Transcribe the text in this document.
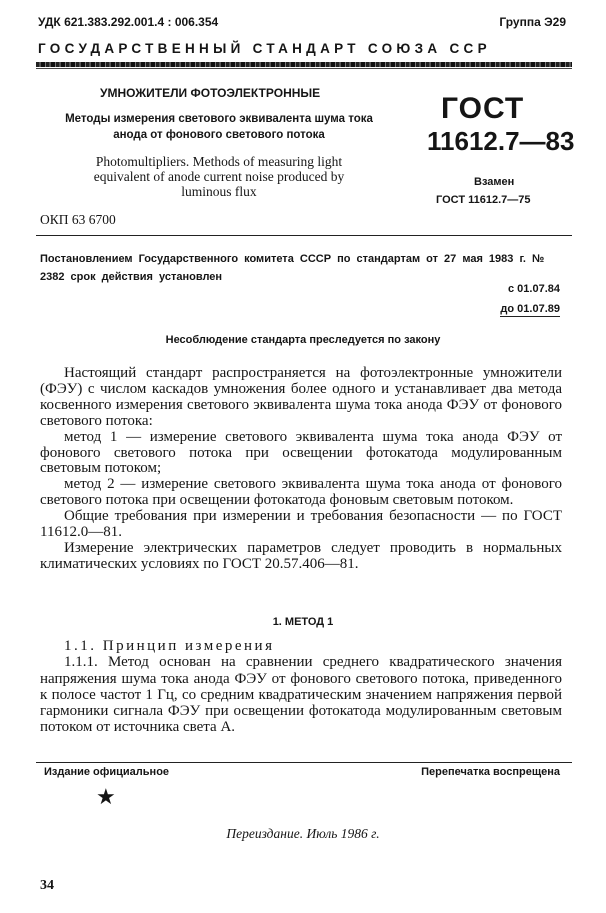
УДК 621.383.292.001.4 : 006.354	Группа Э29
ГОСУДАРСТВЕННЫЙ СТАНДАРТ СОЮЗА ССР
УМНОЖИТЕЛИ ФОТОЭЛЕКТРОННЫЕ
Методы измерения светового эквивалента шума тока
анода от фонового светового потока
Photomultipliers. Methods of measuring light
equivalent of anode current noise produced by
luminous flux
ГОСТ
11612.7—83
Взамен
ГОСТ 11612.7—75
ОКП 63 6700
Постановлением Государственного комитета СССР по стандартам от 27 мая 1983 г. № 2382 срок действия установлен
с 01.07.84
до 01.07.89
Несоблюдение стандарта преследуется по закону

Настоящий стандарт распространяется на фотоэлектронные умножители (ФЭУ) с числом каскадов умножения более одного и устанавливает два метода косвенного измерения светового эквивалента шума тока анода ФЭУ от фонового светового потока:

метод 1 — измерение светового эквивалента шума тока анода ФЭУ от фонового светового потока при освещении фотокатода модулированным световым потоком;

метод 2 — измерение светового эквивалента шума тока анода от фонового светового потока при освещении фотокатода фоновым световым потоком.

Общие требования при измерении и требования безопасности — по ГОСТ 11612.0—81.

Измерение электрических параметров следует проводить в нормальных климатических условиях по ГОСТ 20.57.406—81.

1. МЕТОД 1

1.1. Принцип измерения

1.1.1. Метод основан на сравнении среднего квадратического значения напряжения шума тока анода ФЭУ от фонового светового потока, приведенного к полосе частот 1 Гц, со средним квадратическим значением напряжения первой гармоники сигнала ФЭУ при освещении фотокатода модулированным световым потоком от источника света А.

Издание официальное	Перепечатка воспрещена
★
Переиздание. Июль 1986 г.
34
